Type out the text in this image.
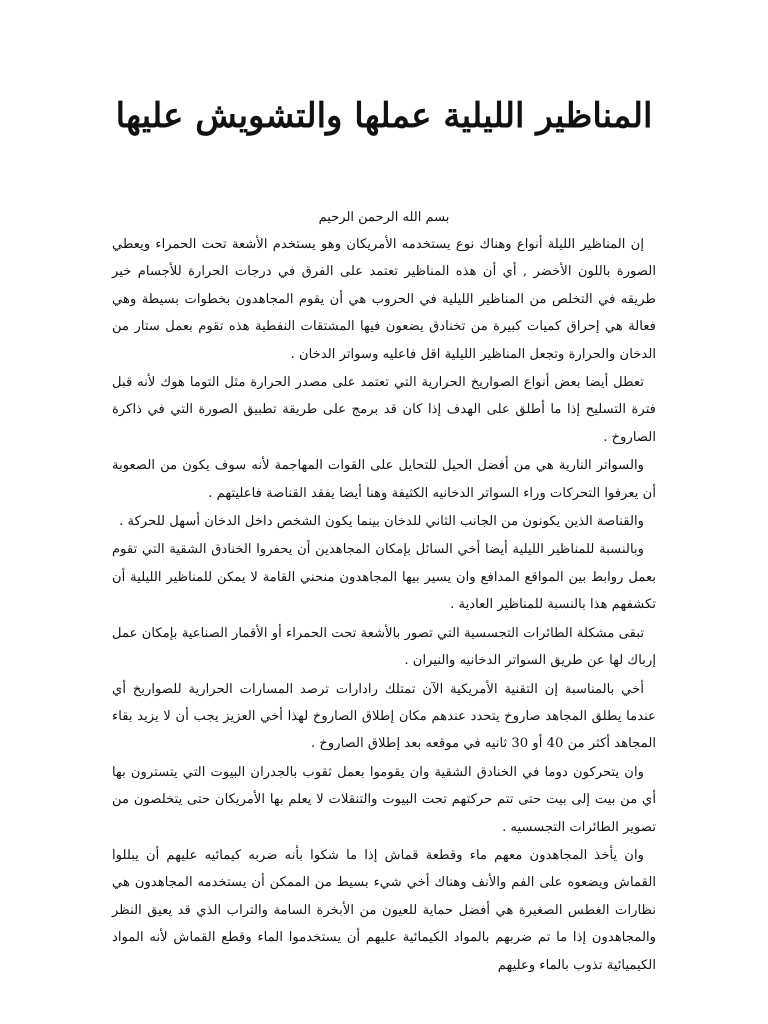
المناظير الليلية عملها والتشويش عليها

بسم الله الرحمن الرحيم

إن المناظير الليلة أنواع وهناك نوع يستخدمه الأمريكان وهو يستخدم الأشعة تحت الحمراء ويعطي الصورة باللون الأخضر , أي أن هذه المناظير تعتمد على الفرق في درجات الحرارة للأجسام خير طريقه في التخلص من المناظير الليلية في الحروب هي أن يقوم المجاهدون بخطوات بسيطة وهي فعالة هي إحراق كميات كبيرة من تخنادق يضعون فيها المشتقات النفطية هذه تقوم بعمل ستار من الدخان والحرارة وتجعل المناظير الليلية اقل فاعليه وسواتر الدخان .

تعطل أيضا بعض أنواع الصواريخ الحرارية التي تعتمد على مصدر الحرارة مثل التوما هوك لأنه قبل فترة التسليح إذا ما أطلق على الهدف إذا كان قد برمج على طريقة تطبيق الصورة التي في ذاكرة الصاروخ .

والسواتر النارية هي من أفضل الحيل للتحايل على القوات المهاجمة لأنه سوف يكون من الصعوبة أن يعرفوا التحركات وراء السواتر الدخانيه الكثيفة وهنا أيضا يفقد القناصة فاعليتهم .

والقناصة الذين يكونون من الجانب الثاني للدخان بينما يكون الشخص داخل الدخان أسهل للحركة .

وبالنسبة للمناظير الليلية أيضا أخي السائل بإمكان المجاهدين أن يحفروا الخنادق الشقية التي تقوم بعمل روابط بين المواقع المدافع وان يسير بيها المجاهدون منحني القامة لا يمكن للمناظير الليلية أن تكشفهم هذا بالنسبة للمناظير العادية .

تبقى مشكلة الطائرات التجسسية التي تصور بالأشعة تحت الحمراء أو الأقمار الصناعية بإمكان عمل إرباك لها عن طريق السواتر الدخانيه والنيران .

أخي بالمناسبة إن التقنية الأمريكية الآن تمتلك رادارات ترصد المسارات الحرارية للصواريخ أي عندما يطلق المجاهد صاروخ يتحدد عندهم مكان إطلاق الصاروخ لهذا أخي العزيز يجب أن لا يزيد بقاء المجاهد أكثر من 40 أو 30 ثانيه في موقعه بعد إطلاق الصاروخ .

وان يتحركون دوما في الخنادق الشقية وان يقوموا بعمل ثقوب بالجدران البيوت التي يتسترون بها أي من بيت إلى بيت حتى تتم حركتهم تحت البيوت والتنقلات لا يعلم بها الأمريكان حتى يتخلصون من تصوير الطائرات التجسسيه .

وان يأخذ المجاهدون معهم ماء وقطعة قماش إذا ما شكوا بأنه ضربه كيمائيه عليهم أن يبللوا القماش ويضعوه على الفم والأنف وهناك أخي شيء بسيط من الممكن أن يستخدمه المجاهدون هي نظارات الغطس الصغيرة هي أفضل حماية للعيون من الأبخرة السامة والتراب الذي قد يعيق النظر والمجاهدون إذا ما تم ضربهم بالمواد الكيمائية عليهم أن يستخدموا الماء وقطع القماش لأنه المواد الكيميائية تذوب بالماء وعليهم
